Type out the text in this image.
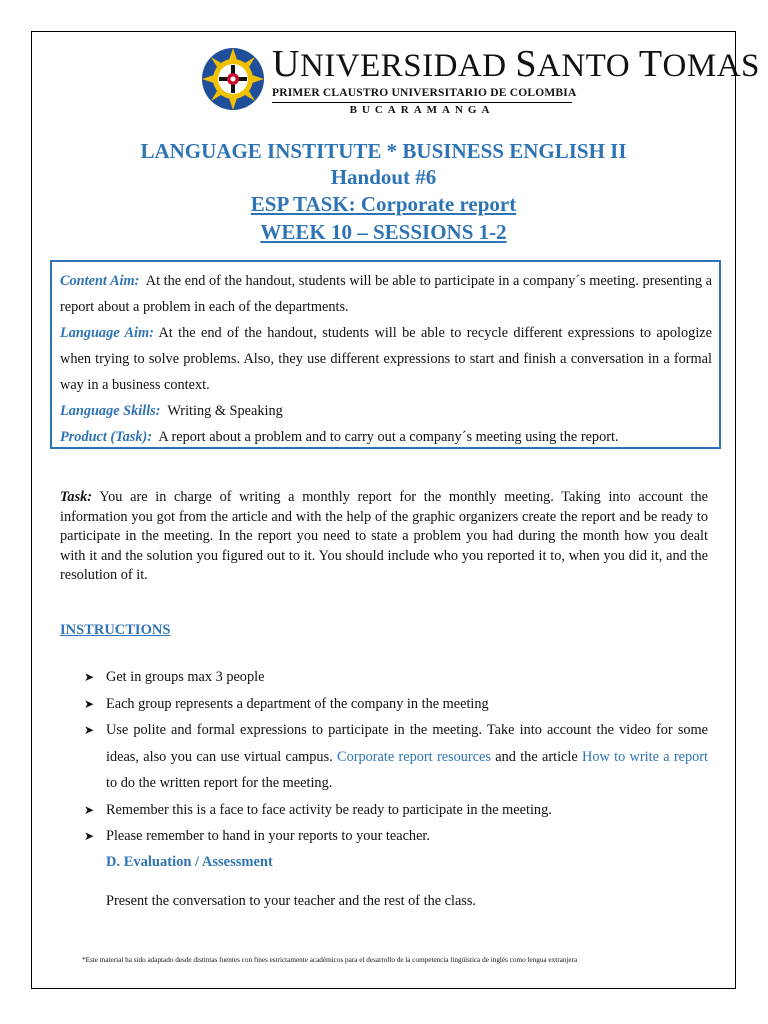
UNIVERSIDAD SANTO TOMAS
PRIMER CLAUSTRO UNIVERSITARIO DE COLOMBIA
BUCARAMANGA
LANGUAGE INSTITUTE * BUSINESS ENGLISH II
Handout #6
ESP TASK: Corporate report
WEEK 10 – SESSIONS 1-2
Content Aim: At the end of the handout, students will be able to participate in a company´s meeting. presenting a report about a problem in each of the departments.
Language Aim: At the end of the handout, students will be able to recycle different expressions to apologize when trying to solve problems. Also, they use different expressions to start and finish a conversation in a formal way in a business context.
Language Skills: Writing & Speaking
Product (Task): A report about a problem and to carry out a company´s meeting using the report.
Task: You are in charge of writing a monthly report for the monthly meeting. Taking into account the information you got from the article and with the help of the graphic organizers create the report and be ready to participate in the meeting. In the report you need to state a problem you had during the month how you dealt with it and the solution you figured out to it. You should include who you reported it to, when you did it, and the resolution of it.
INSTRUCTIONS
➤ Get in groups max 3 people
➤ Each group represents a department of the company in the meeting
➤ Use polite and formal expressions to participate in the meeting. Take into account the video for some ideas, also you can use virtual campus. Corporate report resources and the article How to write a report to do the written report for the meeting.
➤ Remember this is a face to face activity be ready to participate in the meeting.
➤ Please remember to hand in your reports to your teacher.
D. Evaluation / Assessment
Present the conversation to your teacher and the rest of the class.
*Este material ha sido adaptado desde distintas fuentes con fines estrictamente académicos para el desarrollo de la competencia lingüística de inglés como lengua extranjera
